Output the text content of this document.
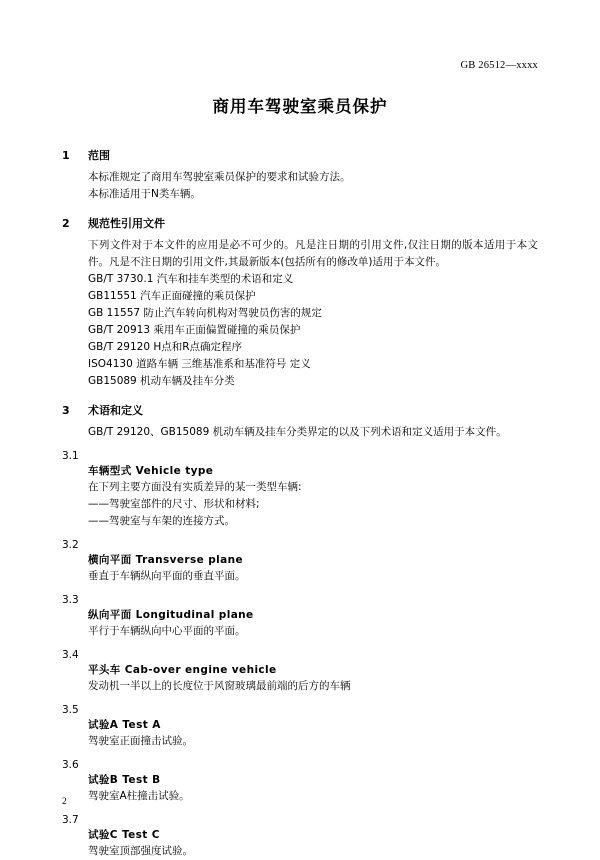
GB 26512—xxxx
商用车驾驶室乘员保护
1 范围

本标准规定了商用车驾驶室乘员保护的要求和试验方法。

本标准适用于N类车辆。

2 规范性引用文件

下列文件对于本文件的应用是必不可少的。凡是注日期的引用文件,仅注日期的版本适用于本文件。凡是不注日期的引用文件,其最新版本(包括所有的修改单)适用于本文件。

GB/T 3730.1 汽车和挂车类型的术语和定义
GB11551 汽车正面碰撞的乘员保护
GB 11557 防止汽车转向机构对驾驶员伤害的规定
GB/T 20913 乘用车正面偏置碰撞的乘员保护
GB/T 29120 H点和R点确定程序
ISO4130 道路车辆 三维基准系和基准符号 定义
GB15089 机动车辆及挂车分类
3 术语和定义

GB/T 29120、GB15089 机动车辆及挂车分类界定的以及下列术语和定义适用于本文件。

3.1
车辆型式 Vehicle type
在下列主要方面没有实质差异的某一类型车辆:
——驾驶室部件的尺寸、形状和材料;
——驾驶室与车架的连接方式。
3.2
横向平面 Transverse plane
垂直于车辆纵向平面的垂直平面。
3.3
纵向平面 Longitudinal plane
平行于车辆纵向中心平面的平面。
3.4
平头车 Cab-over engine vehicle
发动机一半以上的长度位于风窗玻璃最前端的后方的车辆
3.5
试验A Test A
驾驶室正面撞击试验。
3.6
试验B Test B
驾驶室A柱撞击试验。
3.7
试验C Test C
驾驶室顶部强度试验。
2
